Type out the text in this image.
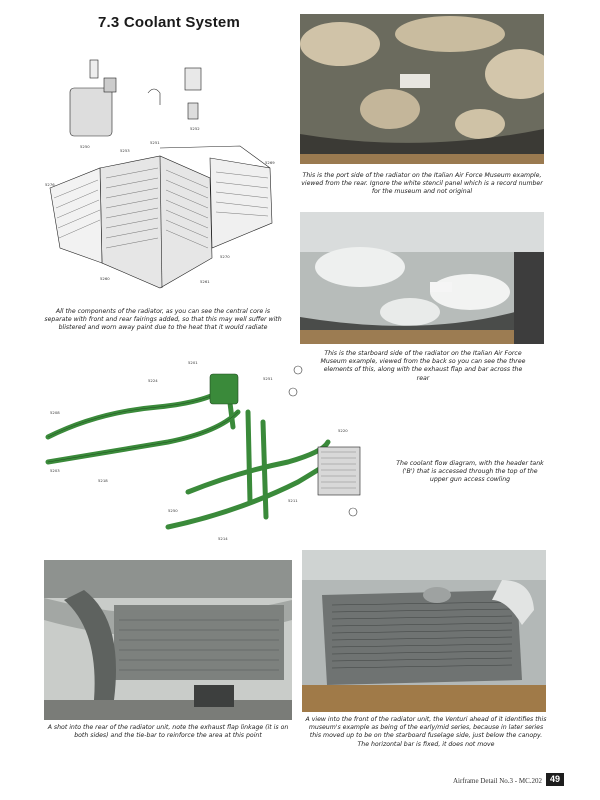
7.3 Coolant System
5250
5253
5252
5276
5251
5269
5270
5261
5260
All the components of the radiator, as you can see the central core is separate with front and rear fairings added, so that this may well suffer with blistered and worn away paint due to the heat that it would radiate
This is the port side of the radiator on the Italian Air Force Museum example, viewed from the rear. Ignore the white stencil panel which is a record number for the museum and not original
This is the starboard side of the radiator on the Italian Air Force Museum example, viewed from the back so you can see the three elements of this, along with the exhaust flap and bar across the rear
5201
5224	5251
5208
5203
5218
5250
5214
5211
5220
The coolant flow diagram, with the header tank ('B') that is accessed through the top of the upper gun access cowling
A shot into the rear of the radiator unit, note the exhaust flap linkage (it is on both sides) and the tie-bar to reinforce the area at this point
A view into the front of the radiator unit, the Venturi ahead of it identifies this museum's example as being of the early/mid series, because in later series this moved up to be on the starboard fuselage side, just below the canopy. The horizontal bar is fixed, it does not move
Airframe Detail No.3 - MC.202 49
